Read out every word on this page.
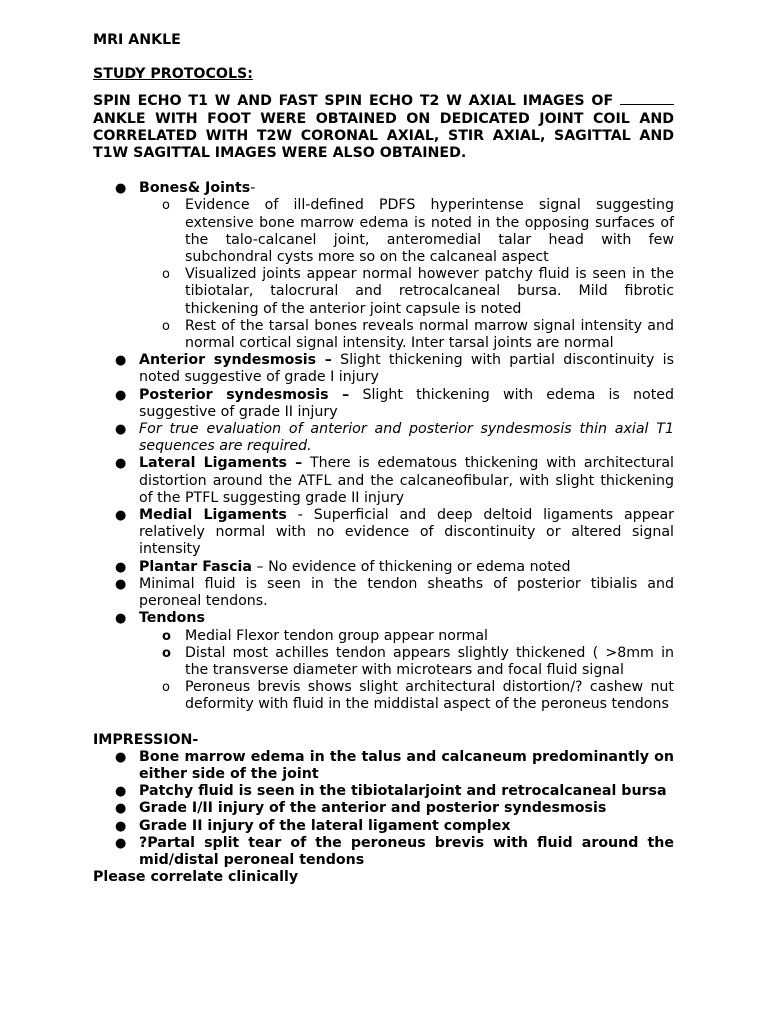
MRI ANKLE
STUDY PROTOCOLS:
SPIN ECHO T1 W AND FAST SPIN ECHO T2 W AXIAL IMAGES OF  ANKLE WITH FOOT WERE OBTAINED ON DEDICATED JOINT COIL AND CORRELATED WITH T2W CORONAL AXIAL, STIR AXIAL, SAGITTAL AND T1W SAGITTAL IMAGES WERE ALSO OBTAINED.
● Bones& Joints-
o Evidence of ill-defined PDFS hyperintense signal suggesting extensive bone marrow edema is noted in the opposing surfaces of the talo-calcanel joint, anteromedial talar head with few subchondral cysts more so on the calcaneal aspect
o Visualized joints appear normal however patchy fluid is seen in the tibiotalar, talocrural and retrocalcaneal bursa. Mild fibrotic thickening of the anterior joint capsule is noted
o Rest of the tarsal bones reveals normal marrow signal intensity and normal cortical signal intensity. Inter tarsal joints are normal
● Anterior syndesmosis – Slight thickening with partial discontinuity is noted suggestive of grade I injury
● Posterior syndesmosis – Slight thickening with edema is noted suggestive of grade II injury
● For true evaluation of anterior and posterior syndesmosis thin axial T1 sequences are required.
● Lateral Ligaments – There is edematous thickening with architectural distortion around the ATFL and the calcaneofibular, with slight thickening of the PTFL suggesting grade II injury
● Medial Ligaments - Superficial and deep deltoid ligaments appear relatively normal with no evidence of discontinuity or altered signal intensity
● Plantar Fascia – No evidence of thickening or edema noted
● Minimal fluid is seen in the tendon sheaths of posterior tibialis and peroneal tendons.
● Tendons
o Medial Flexor tendon group appear normal
o Distal most achilles tendon appears slightly thickened ( >8mm in the transverse diameter with microtears and focal fluid signal
o Peroneus brevis shows slight architectural distortion/? cashew nut deformity with fluid in the middistal aspect of the peroneus tendons
IMPRESSION-
● Bone marrow edema in the talus and calcaneum predominantly on either side of the joint
● Patchy fluid is seen in the tibiotalarjoint and retrocalcaneal bursa
● Grade I/II injury of the anterior and posterior syndesmosis
● Grade II injury of the lateral ligament complex
● ?Partal split tear of the peroneus brevis with fluid around the mid/distal peroneal tendons
Please correlate clinically
